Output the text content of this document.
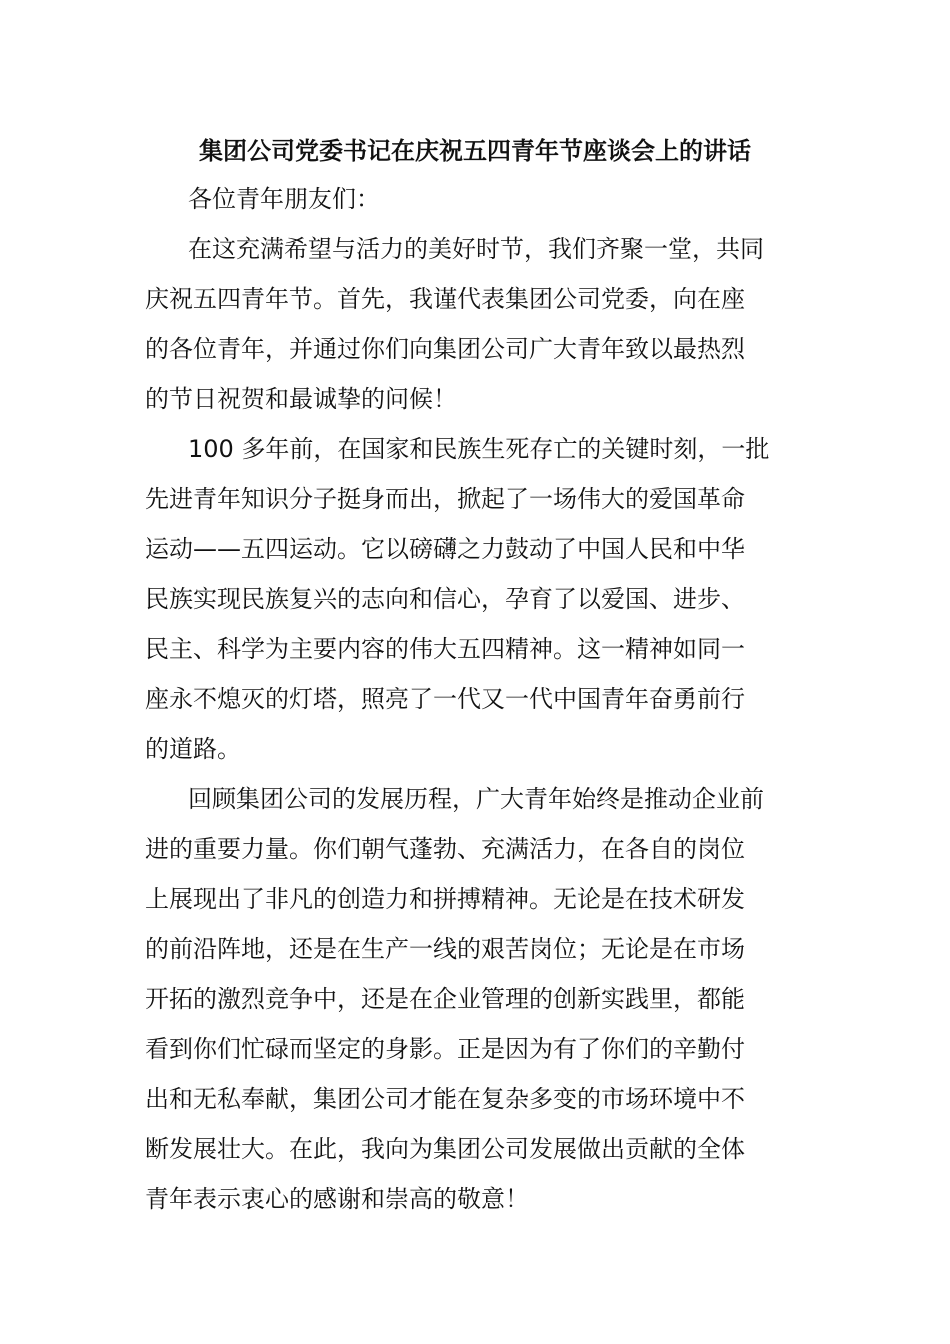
集团公司党委书记在庆祝五四青年节座谈会上的讲话
各位青年朋友们：
在这充满希望与活力的美好时节，我们齐聚一堂，共同
庆祝五四青年节。首先，我谨代表集团公司党委，向在座
的各位青年，并通过你们向集团公司广大青年致以最热烈
的节日祝贺和最诚挚的问候！
100 多年前，在国家和民族生死存亡的关键时刻，一批
先进青年知识分子挺身而出，掀起了一场伟大的爱国革命
运动——五四运动。它以磅礴之力鼓动了中国人民和中华
民族实现民族复兴的志向和信心，孕育了以爱国、进步、
民主、科学为主要内容的伟大五四精神。这一精神如同一
座永不熄灭的灯塔，照亮了一代又一代中国青年奋勇前行
的道路。
回顾集团公司的发展历程，广大青年始终是推动企业前
进的重要力量。你们朝气蓬勃、充满活力，在各自的岗位
上展现出了非凡的创造力和拼搏精神。无论是在技术研发
的前沿阵地，还是在生产一线的艰苦岗位；无论是在市场
开拓的激烈竞争中，还是在企业管理的创新实践里，都能
看到你们忙碌而坚定的身影。正是因为有了你们的辛勤付
出和无私奉献，集团公司才能在复杂多变的市场环境中不
断发展壮大。在此，我向为集团公司发展做出贡献的全体
青年表示衷心的感谢和崇高的敬意！
